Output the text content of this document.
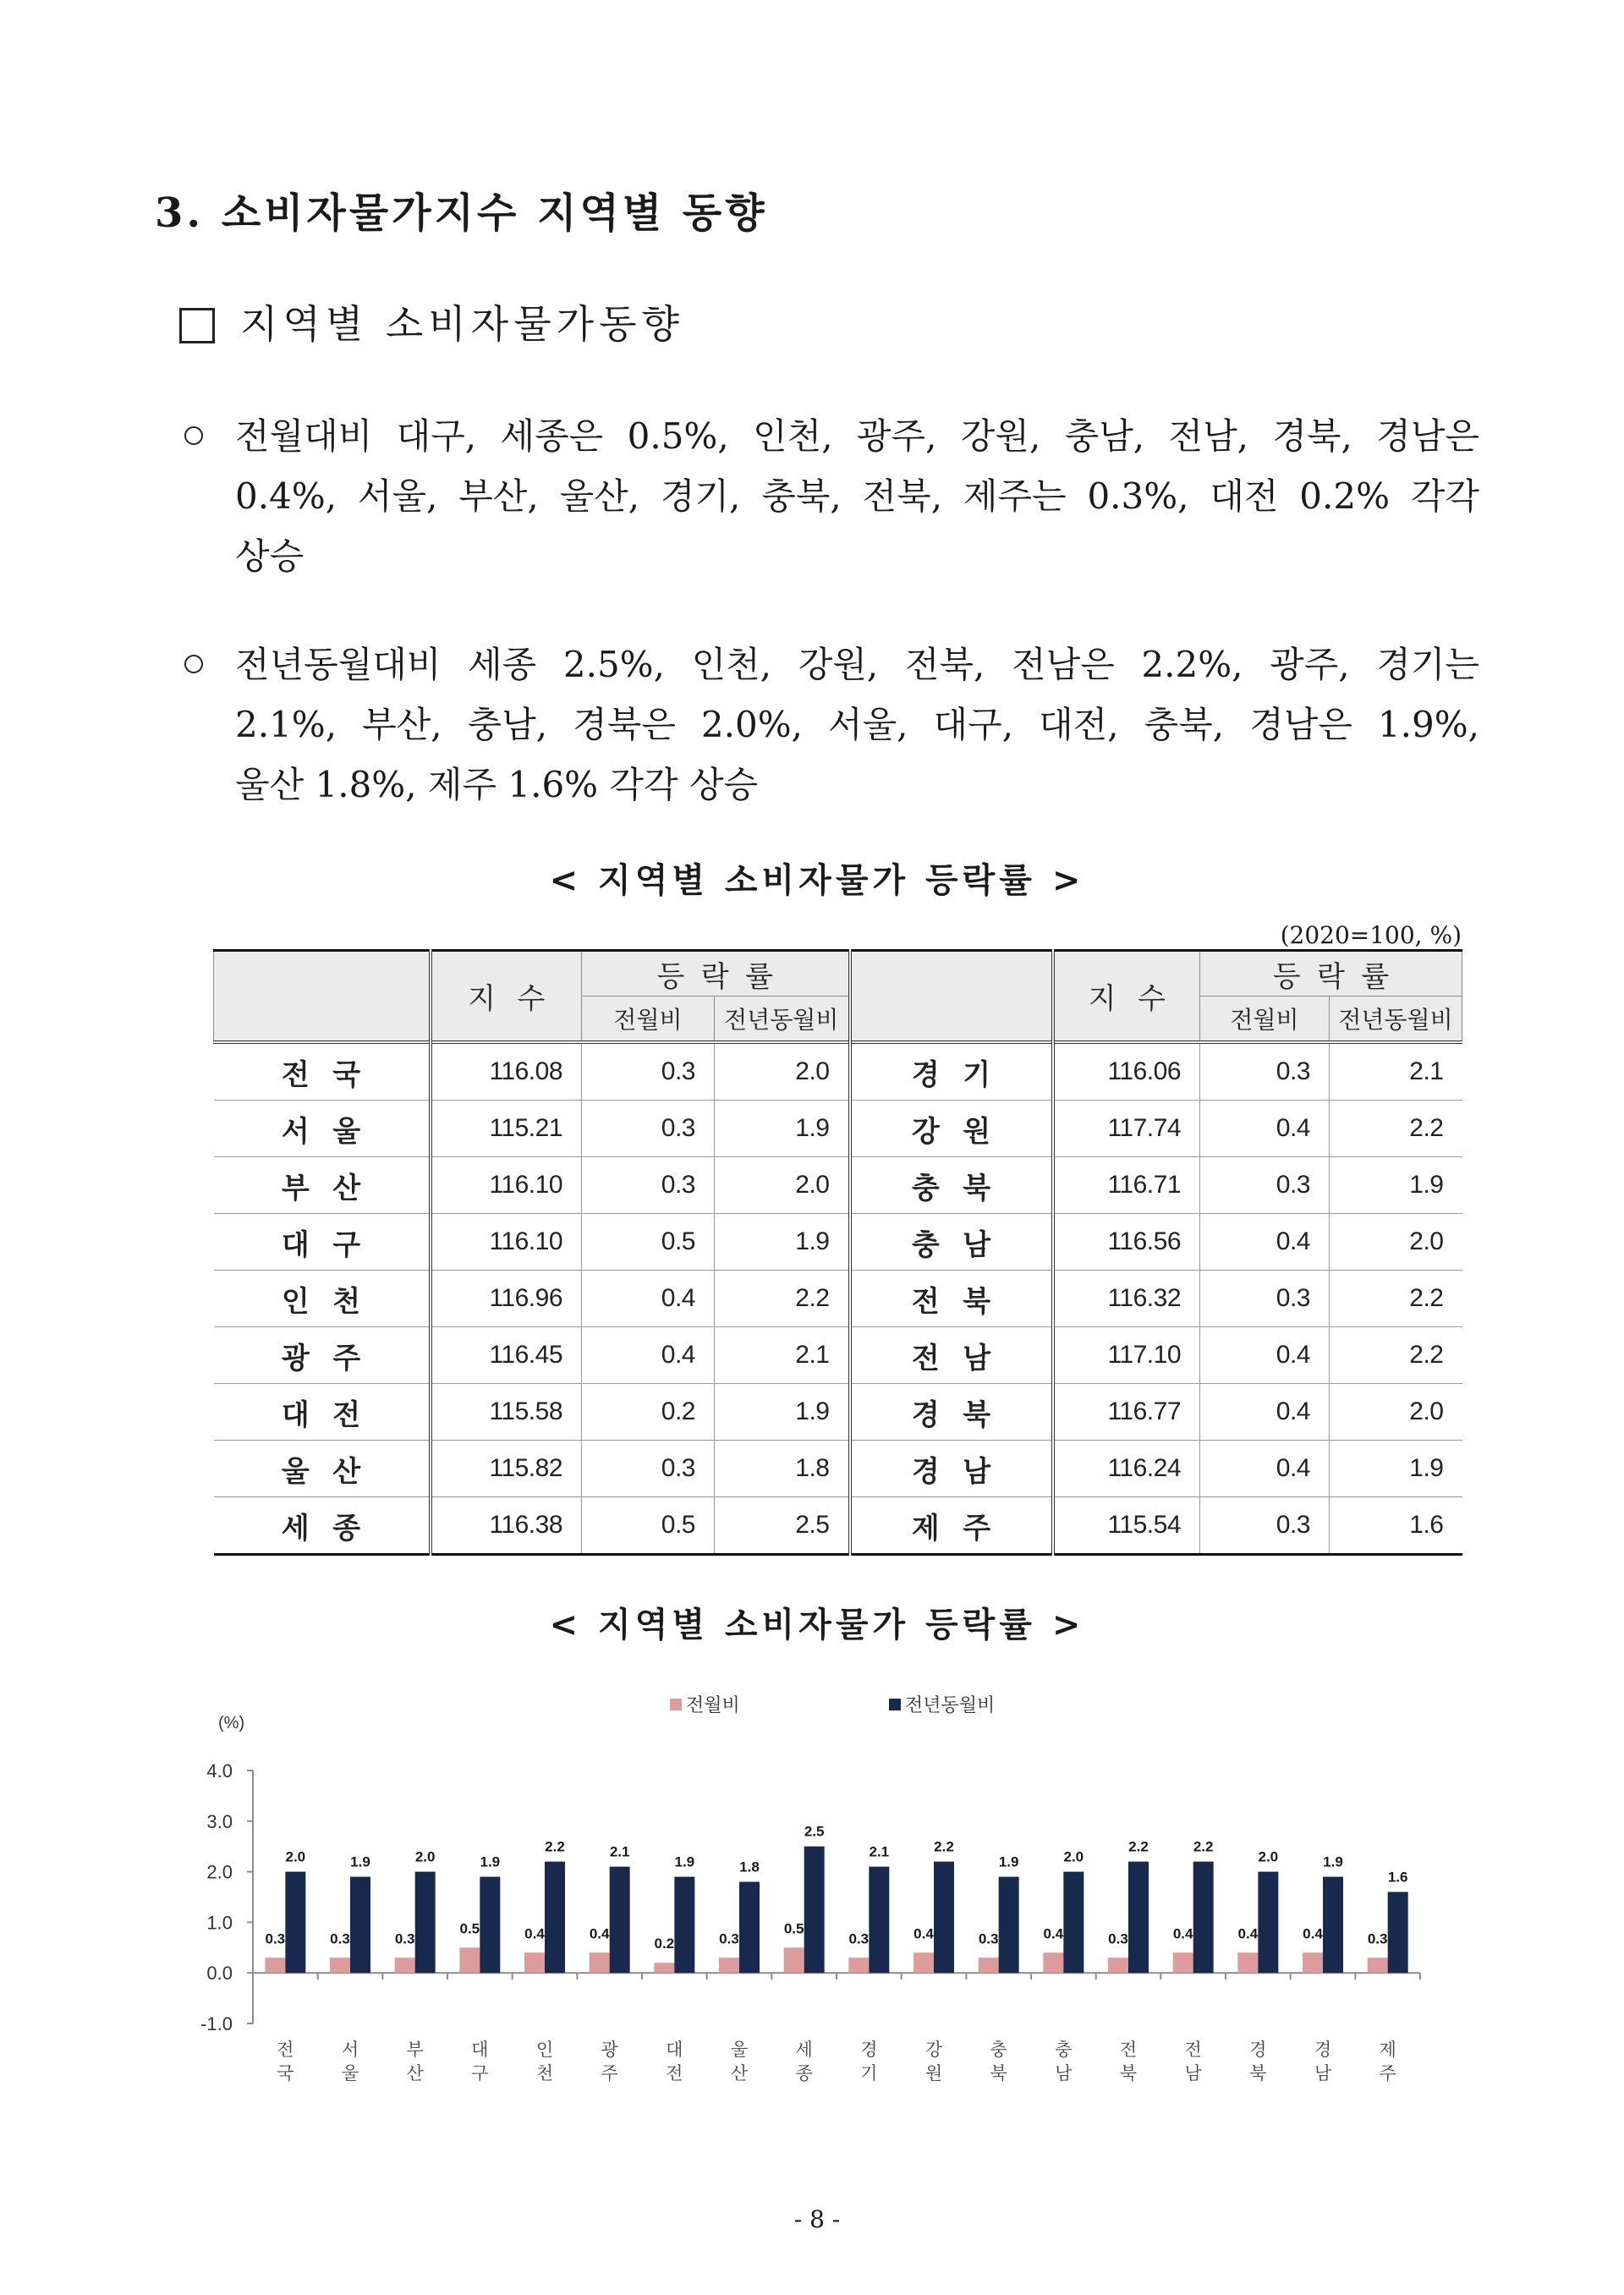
3. 소비자물가지수 지역별 동향
지역별 소비자물가동향
전월대비 대구, 세종은 0.5%, 인천, 광주, 강원, 충남, 전남, 경북, 경남은
0.4%, 서울, 부산, 울산, 경기, 충북, 전북, 제주는 0.3%, 대전 0.2% 각각
상승
전년동월대비 세종 2.5%, 인천, 강원, 전북, 전남은 2.2%, 광주, 경기는
2.1%, 부산, 충남, 경북은 2.0%, 서울, 대구, 대전, 충북, 경남은 1.9%,
울산 1.8%, 제주 1.6% 각각 상승
< 지역별 소비자물가 등락률 >
(2020=100, %)
	지 수	등 락 률			지 수	등 락 률	
		전월비	전년동월비			전월비	전년동월비
전 국	116.08	0.3	2.0	경 기	116.06	0.3	2.1
서 울	115.21	0.3	1.9	강 원	117.74	0.4	2.2
부 산	116.10	0.3	2.0	충 북	116.71	0.3	1.9
대 구	116.10	0.5	1.9	충 남	116.56	0.4	2.0
인 천	116.96	0.4	2.2	전 북	116.32	0.3	2.2
광 주	116.45	0.4	2.1	전 남	117.10	0.4	2.2
대 전	115.58	0.2	1.9	경 북	116.77	0.4	2.0
울 산	115.82	0.3	1.8	경 남	116.24	0.4	1.9
세 종	116.38	0.5	2.5	제 주	115.54	0.3	1.6
< 지역별 소비자물가 등락률 >
전월비	전년동월비
(%)
4.0
3.0
2.0
1.0
0.0
-1.0
0.3	0.3	0.3
0.5	0.4	0.4
0.2	0.3
0.5
0.3	0.4	0.3	0.4	0.3	0.4	0.4	0.4	0.3
2.0	1.9	2.0	1.9
2.2	2.1
1.9	1.8
2.5
2.1	2.2
1.9	2.0
2.2	2.2
2.0	1.9
1.6
전 국
서 울
부 산
대 구
인 천
광 주
대 전
울 산
세 종
경 기
강 원
충 북
충 남
전 북
전 남
경 북
경 남
제 주
- 8 -
